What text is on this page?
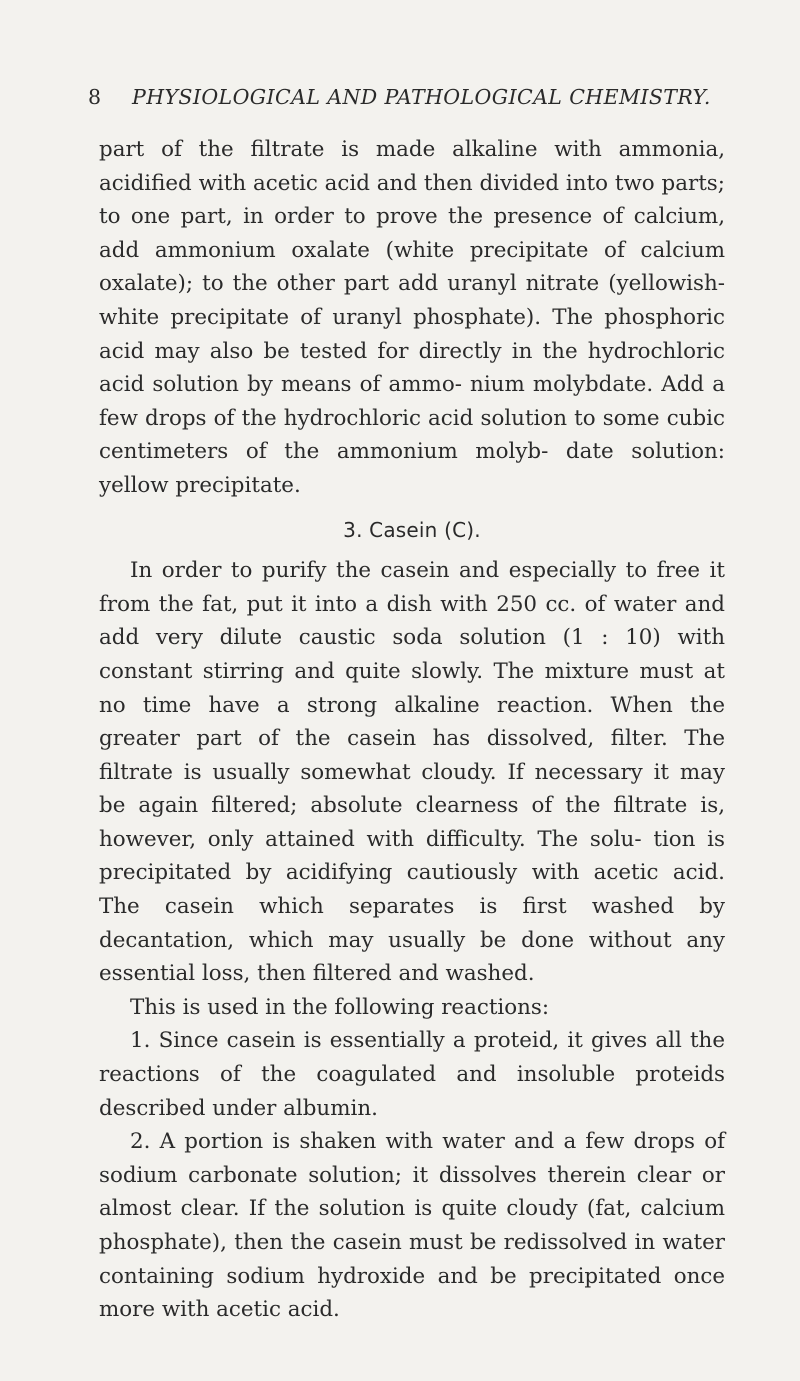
8 PHYSIOLOGICAL AND PATHOLOGICAL CHEMISTRY.

part of the filtrate is made alkaline with ammonia, acidified with acetic acid and then divided into two parts; to one part, in order to prove the presence of calcium, add ammonium oxalate (white precipitate of calcium oxalate); to the other part add uranyl nitrate (yellowish-white precipitate of uranyl phosphate). The phosphoric acid may also be tested for directly in the hydrochloric acid solution by means of ammo- nium molybdate. Add a few drops of the hydrochloric acid solution to some cubic centimeters of the ammonium molyb- date solution: yellow precipitate.

3. Casein (C).

In order to purify the casein and especially to free it from the fat, put it into a dish with 250 cc. of water and add very dilute caustic soda solution (1 : 10) with constant stirring and quite slowly. The mixture must at no time have a strong alkaline reaction. When the greater part of the casein has dissolved, filter. The filtrate is usually somewhat cloudy. If necessary it may be again filtered; absolute clearness of the filtrate is, however, only attained with difficulty. The solu- tion is precipitated by acidifying cautiously with acetic acid. The casein which separates is first washed by decantation, which may usually be done without any essential loss, then filtered and washed.

This is used in the following reactions:

1. Since casein is essentially a proteid, it gives all the reactions of the coagulated and insoluble proteids described under albumin.

2. A portion is shaken with water and a few drops of sodium carbonate solution; it dissolves therein clear or almost clear. If the solution is quite cloudy (fat, calcium phosphate), then the casein must be redissolved in water containing sodium hydroxide and be precipitated once more with acetic acid.
